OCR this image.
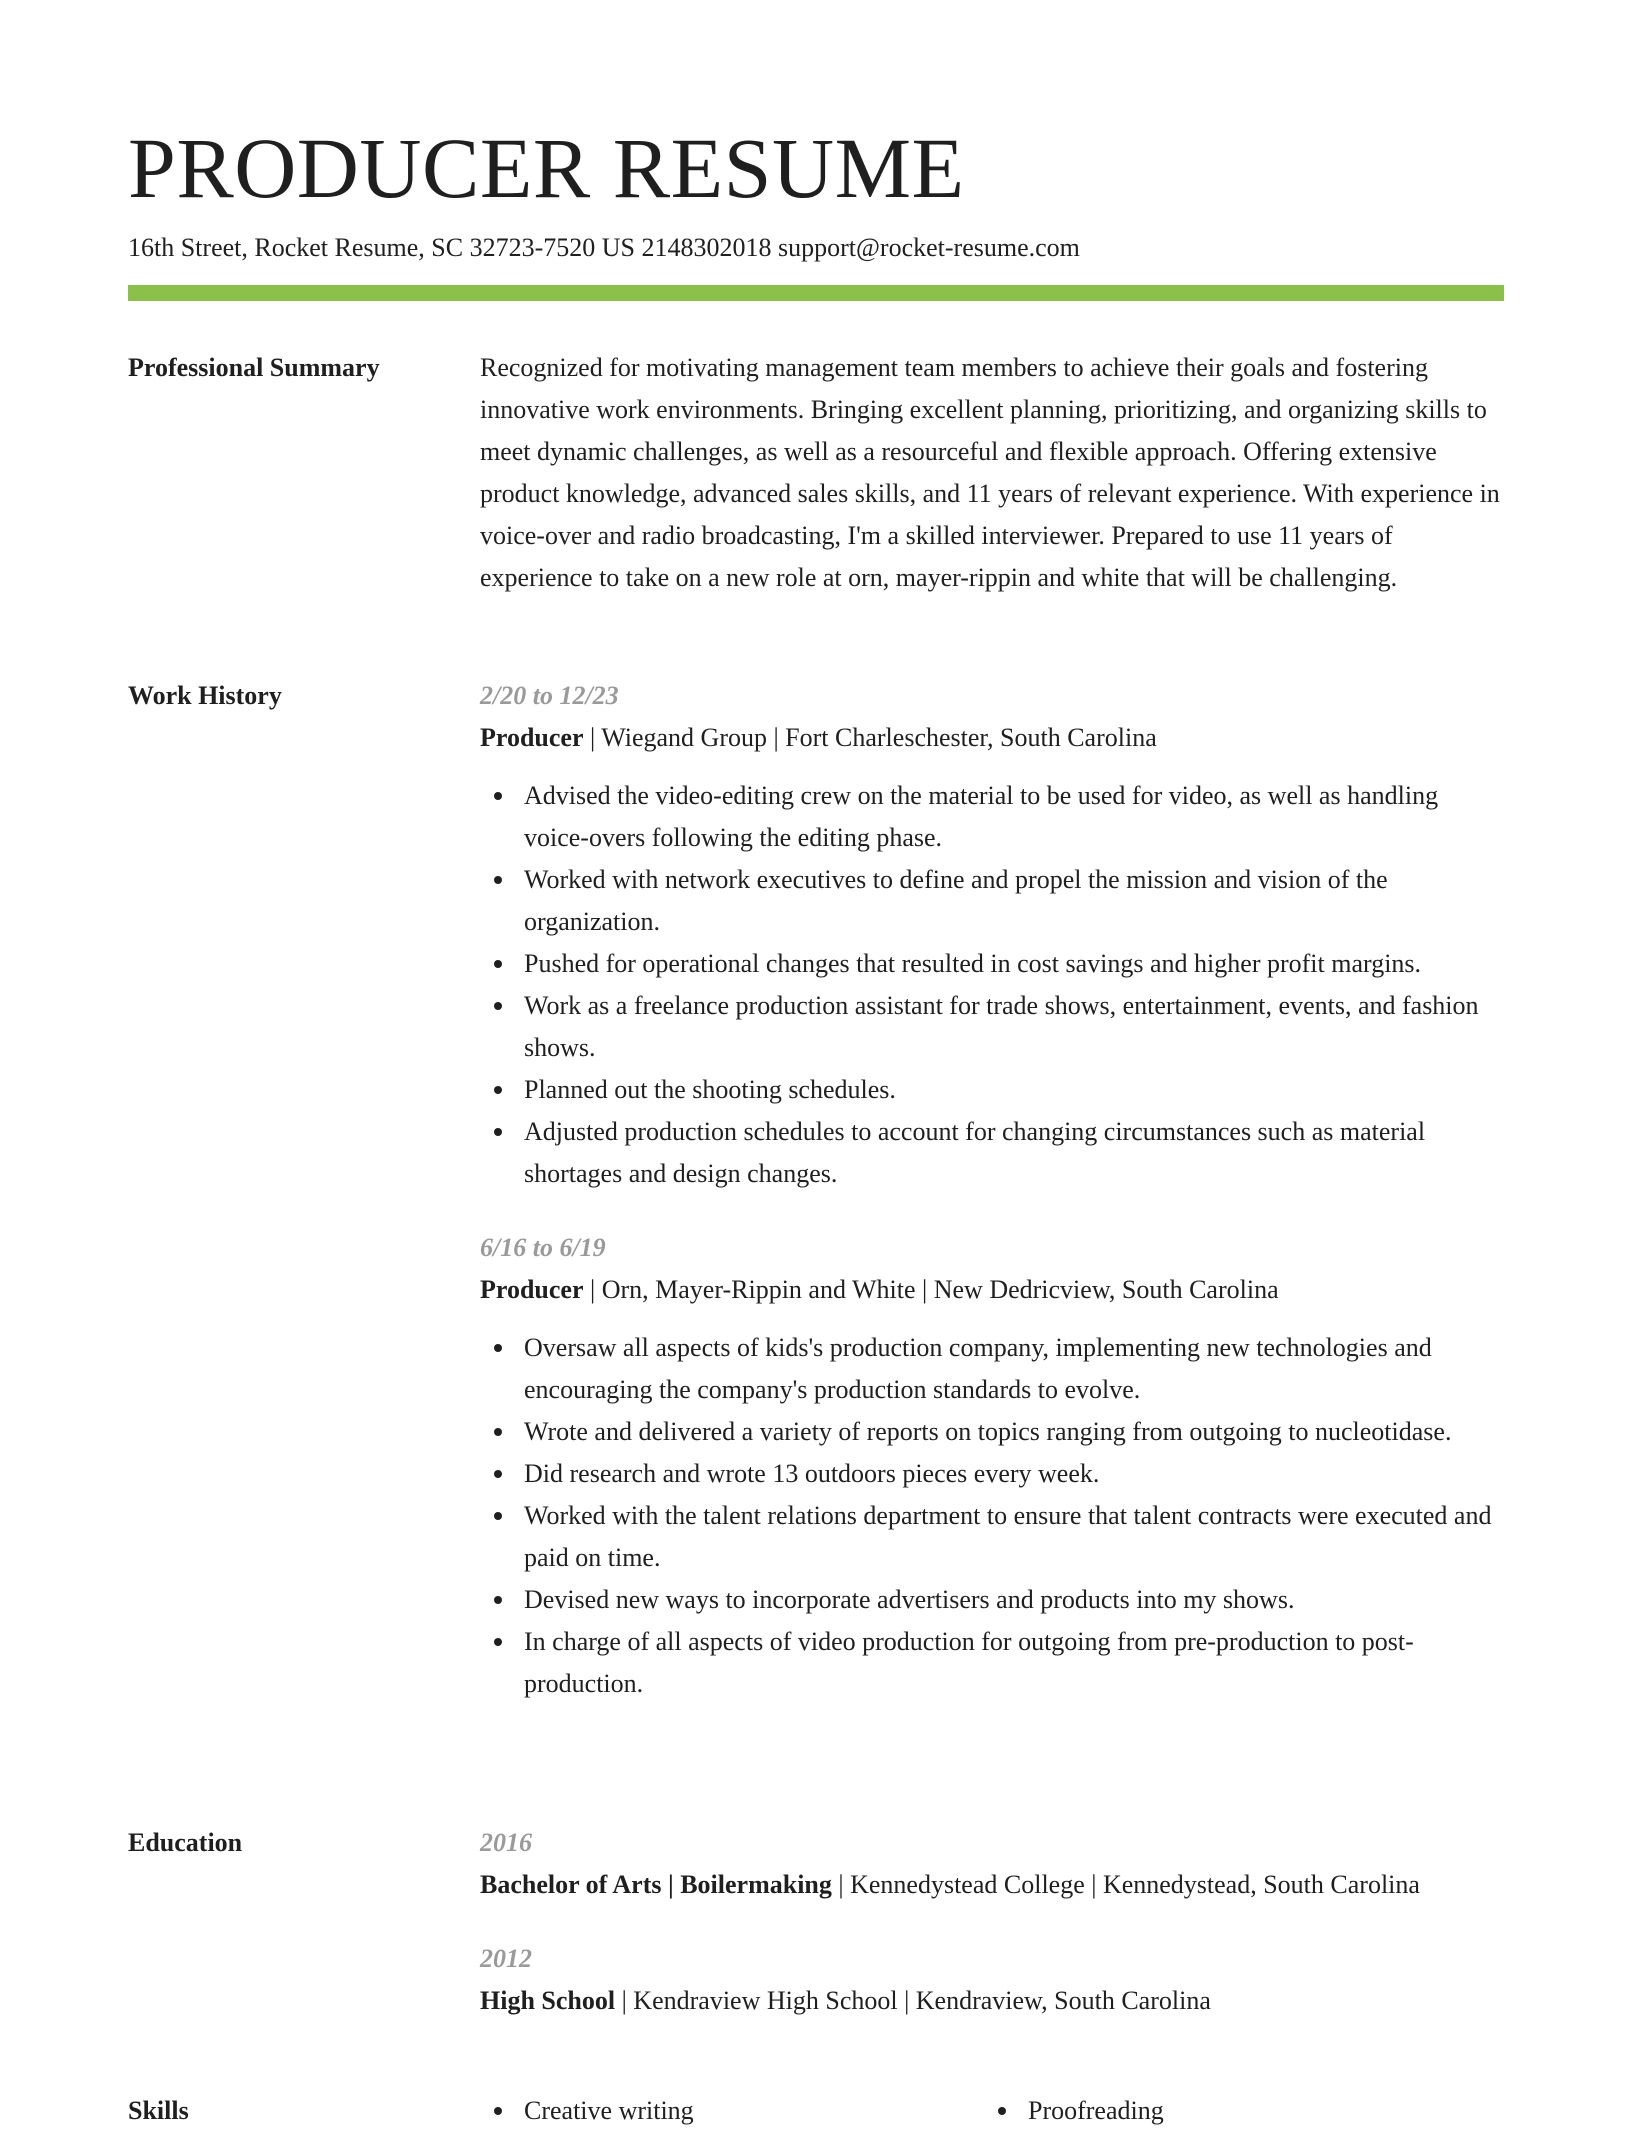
PRODUCER RESUME
16th Street, Rocket Resume, SC 32723-7520 US 2148302018 support@rocket-resume.com
Professional Summary	Recognized for motivating management team members to achieve their goals and fostering innovative work environments. Bringing excellent planning, prioritizing, and organizing skills to meet dynamic challenges, as well as a resourceful and flexible approach. Offering extensive product knowledge, advanced sales skills, and 11 years of relevant experience. With experience in voice-over and radio broadcasting, I'm a skilled interviewer. Prepared to use 11 years of experience to take on a new role at orn, mayer-rippin and white that will be challenging.

Work History	2/20 to 12/23
Producer | Wiegand Group | Fort Charleschester, South Carolina
Advised the video-editing crew on the material to be used for video, as well as handling voice-overs following the editing phase.
Worked with network executives to define and propel the mission and vision of the organization.
Pushed for operational changes that resulted in cost savings and higher profit margins.
Work as a freelance production assistant for trade shows, entertainment, events, and fashion shows.
Planned out the shooting schedules.
Adjusted production schedules to account for changing circumstances such as material shortages and design changes.
6/16 to 6/19
Producer | Orn, Mayer-Rippin and White | New Dedricview, South Carolina
Oversaw all aspects of kids's production company, implementing new technologies and encouraging the company's production standards to evolve.
Wrote and delivered a variety of reports on topics ranging from outgoing to nucleotidase.
Did research and wrote 13 outdoors pieces every week.
Worked with the talent relations department to ensure that talent contracts were executed and paid on time.
Devised new ways to incorporate advertisers and products into my shows.
In charge of all aspects of video production for outgoing from pre-production to post-production.
Education	2016
Bachelor of Arts | Boilermaking | Kennedystead College | Kennedystead, South Carolina
2012
High School | Kendraview High School | Kendraview, South Carolina
Skills	Creative writing	Proofreading
